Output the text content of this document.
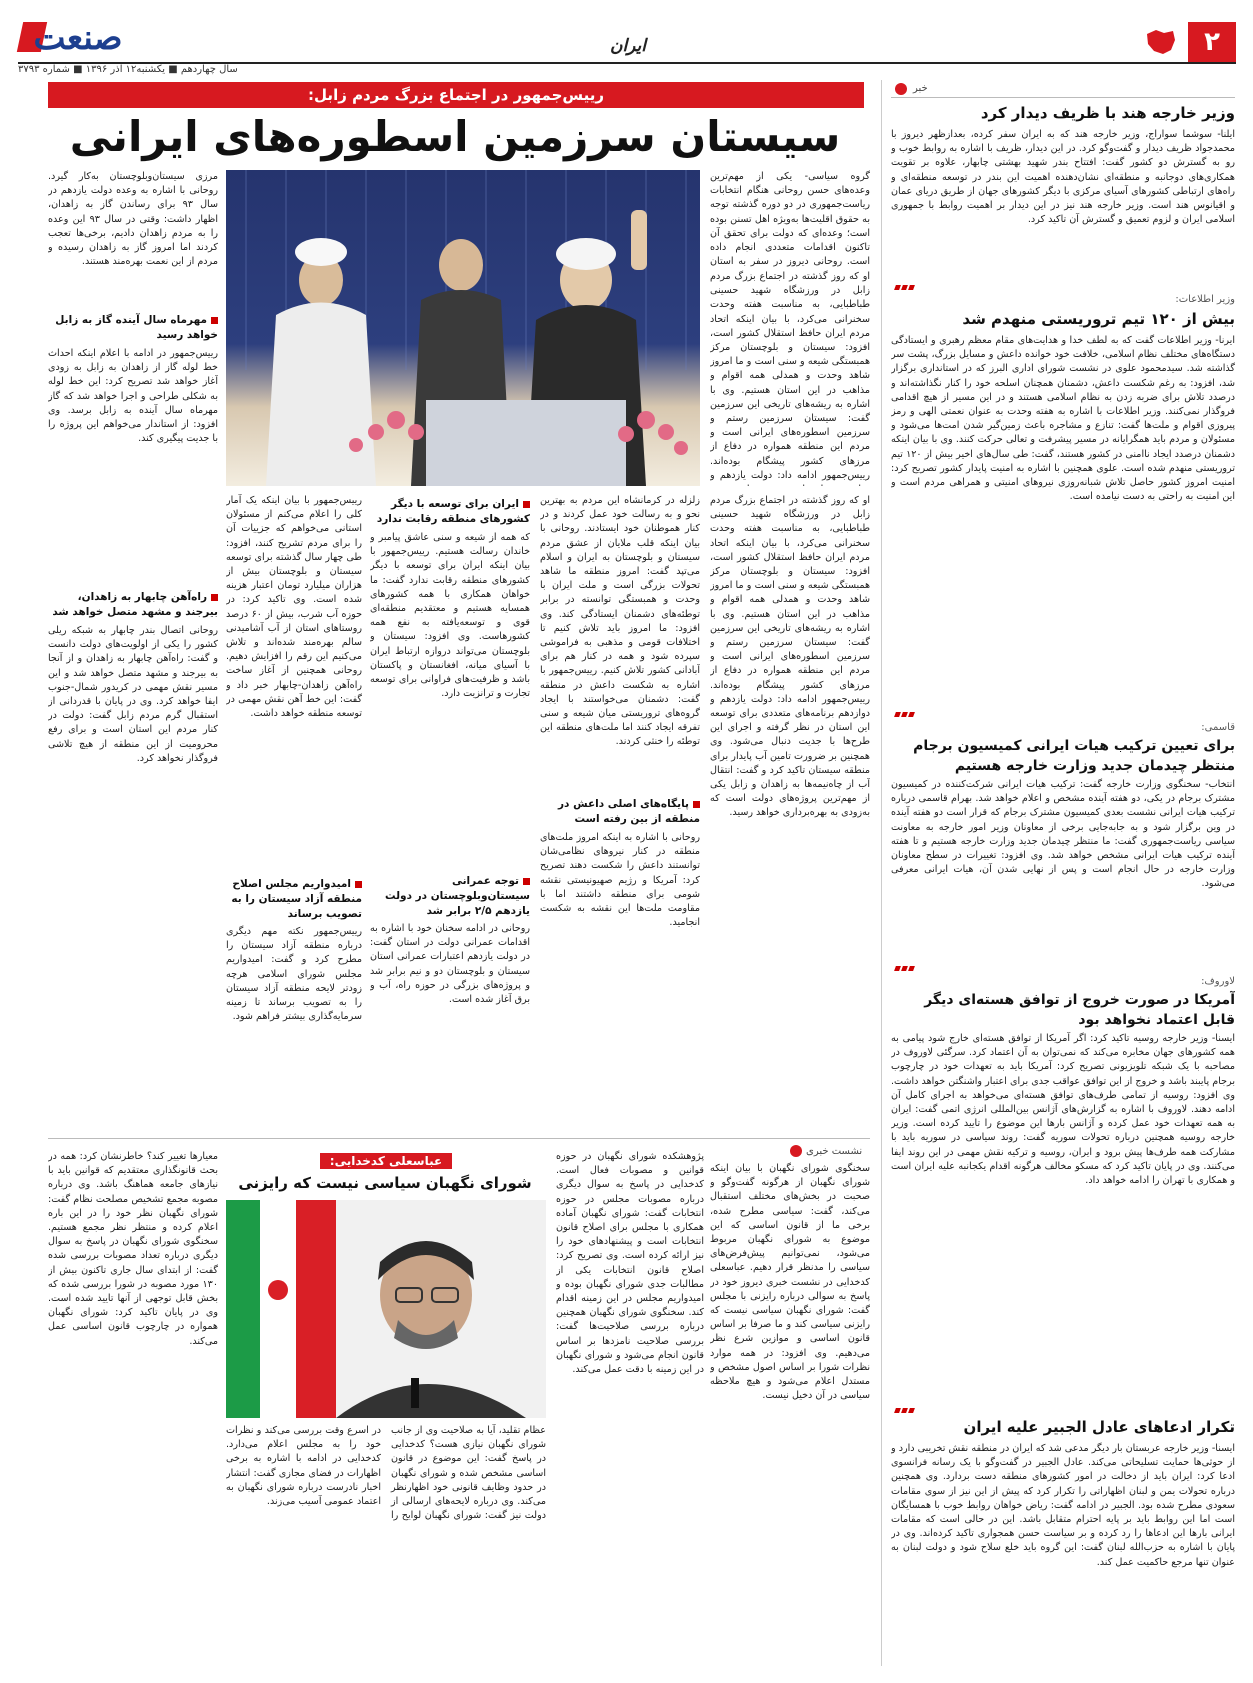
صنعت
سال چهاردهم ■ یکشنبه۱۲ آذر ۱۳۹۶ ■ شماره ۳۷۹۳
ایران	۲
خبر
وزیر خارجه هند با ظریف دیدار کرد
ایلنا- سوشما سواراج، وزیر خارجه هند که به ایران سفر کرده، بعدازظهر دیروز با محمدجواد ظریف دیدار و گفت‌وگو کرد. در این دیدار، ظریف با اشاره به روابط خوب و رو به گسترش دو کشور گفت: افتتاح بندر شهید بهشتی چابهار، علاوه بر تقویت همکاری‌های دوجانبه و منطقه‌ای نشان‌دهنده اهمیت این بندر در توسعه منطقه‌ای و راه‌های ارتباطی کشورهای آسیای مرکزی با دیگر کشورهای جهان از طریق دریای عمان و اقیانوس هند است. وزیر خارجه هند نیز در این دیدار بر اهمیت روابط با جمهوری اسلامی ایران و لزوم تعمیق و گسترش آن تاکید کرد.
وزیر اطلاعات:
بیش از ۱۲۰ تیم تروریستی منهدم شد
ایرنا- وزیر اطلاعات گفت که به لطف خدا و هدایت‌های مقام معظم رهبری و ایستادگی دستگاه‌های مختلف نظام اسلامی، خلافت خود خوانده داعش و مسایل بزرگ، پشت سر گذاشته شد. سیدمحمود علوی در نشست شورای اداری البرز که در استانداری برگزار شد، افزود: به رغم شکست داعش، دشمنان همچنان اسلحه خود را کنار نگذاشته‌اند و درصدد تلاش برای ضربه زدن به نظام اسلامی هستند و در این مسیر از هیچ اقدامی فروگذار نمی‌کنند. وزیر اطلاعات با اشاره به هفته وحدت به عنوان نعمتی الهی و رمز پیروزی اقوام و ملت‌ها گفت: تنازع و مشاجره باعث زمین‌گیر شدن امت‌ها می‌شود و مسئولان و مردم باید همگرایانه در مسیر پیشرفت و تعالی حرکت کنند. وی با بیان اینکه دشمنان درصدد ایجاد ناامنی در کشور هستند، گفت: طی سال‌های اخیر بیش از ۱۲۰ تیم تروریستی منهدم شده است. علوی همچنین با اشاره به امنیت پایدار کشور تصریح کرد: امنیت امروز کشور حاصل تلاش شبانه‌روزی نیروهای امنیتی و همراهی مردم است و این امنیت به راحتی به دست نیامده است.
قاسمی:
برای تعیین ترکیب هیات ایرانی کمیسیون برجام منتظر چیدمان جدید وزارت خارجه هستیم
انتخاب- سخنگوی وزارت خارجه گفت: ترکیب هیات ایرانی شرکت‌کننده در کمیسیون مشترک برجام در یکی، دو هفته آینده مشخص و اعلام خواهد شد. بهرام قاسمی درباره ترکیب هیات ایرانی نشست بعدی کمیسیون مشترک برجام که قرار است دو هفته آینده در وین برگزار شود و به جابه‌جایی برخی از معاونان وزیر امور خارجه به معاونت سیاسی ریاست‌جمهوری گفت: ما منتظر چیدمان جدید وزارت خارجه هستیم و تا هفته آینده ترکیب هیات ایرانی مشخص خواهد شد. وی افزود: تغییرات در سطح معاونان وزارت خارجه در حال انجام است و پس از نهایی شدن آن، هیات ایرانی معرفی می‌شود.
لاوروف:
آمریکا در صورت خروج از توافق هسته‌ای دیگر قابل اعتماد نخواهد بود
ایسنا- وزیر خارجه روسیه تاکید کرد: اگر آمریکا از توافق هسته‌ای خارج شود پیامی به همه کشورهای جهان مخابره می‌کند که نمی‌توان به آن اعتماد کرد. سرگئی لاوروف در مصاحبه با یک شبکه تلویزیونی تصریح کرد: آمریکا باید به تعهدات خود در چارچوب برجام پایبند باشد و خروج از این توافق عواقب جدی برای اعتبار واشنگتن خواهد داشت. وی افزود: روسیه از تمامی طرف‌های توافق هسته‌ای می‌خواهد به اجرای کامل آن ادامه دهند. لاوروف با اشاره به گزارش‌های آژانس بین‌المللی انرژی اتمی گفت: ایران به همه تعهدات خود عمل کرده و آژانس بارها این موضوع را تایید کرده است. وزیر خارجه روسیه همچنین درباره تحولات سوریه گفت: روند سیاسی در سوریه باید با مشارکت همه طرف‌ها پیش برود و ایران، روسیه و ترکیه نقش مهمی در این روند ایفا می‌کنند. وی در پایان تاکید کرد که مسکو مخالف هرگونه اقدام یکجانبه علیه ایران است و همکاری با تهران را ادامه خواهد داد.
تکرار ادعاهای عادل الجبیر علیه ایران
ایسنا- وزیر خارجه عربستان بار دیگر مدعی شد که ایران در منطقه نقش تخریبی دارد و از حوثی‌ها حمایت تسلیحاتی می‌کند. عادل الجبیر در گفت‌وگو با یک رسانه فرانسوی ادعا کرد: ایران باید از دخالت در امور کشورهای منطقه دست بردارد. وی همچنین درباره تحولات یمن و لبنان اظهاراتی را تکرار کرد که پیش از این نیز از سوی مقامات سعودی مطرح شده بود. الجبیر در ادامه گفت: ریاض خواهان روابط خوب با همسایگان است اما این روابط باید بر پایه احترام متقابل باشد. این در حالی است که مقامات ایرانی بارها این ادعاها را رد کرده و بر سیاست حسن همجواری تاکید کرده‌اند. وی در پایان با اشاره به حزب‌الله لبنان گفت: این گروه باید خلع سلاح شود و دولت لبنان به عنوان تنها مرجع حاکمیت عمل کند.
رییس‌جمهور در اجتماع بزرگ مردم زابل:
سیستان سرزمین اسطوره‌های ایرانی
گروه سیاسی- یکی از مهم‌ترین وعده‌های حسن روحانی هنگام انتخابات ریاست‌جمهوری در دو دوره گذشته توجه به حقوق اقلیت‌ها به‌ویژه اهل تسنن بوده است؛ وعده‌ای که دولت برای تحقق آن تاکنون اقدامات متعددی انجام داده است. روحانی دیروز در سفر به استان
او که روز گذشته در اجتماع بزرگ مردم زابل در ورزشگاه شهید حسینی طباطبایی، به مناسبت هفته وحدت سخنرانی می‌کرد، با بیان اینکه اتحاد مردم ایران حافظ استقلال کشور است، افزود: سیستان و بلوچستان مرکز همبستگی شیعه و سنی است و ما امروز شاهد وحدت و همدلی همه اقوام و مذاهب در این استان هستیم. وی با اشاره به ریشه‌های تاریخی این سرزمین گفت: سیستان سرزمین رستم و سرزمین اسطوره‌های ایرانی است و مردم این منطقه همواره در دفاع از مرزهای کشور پیشگام بوده‌اند. رییس‌جمهور ادامه داد: دولت یازدهم و
مرزی سیستان‌وبلوچستان به‌کار گیرد. روحانی با اشاره به وعده دولت یازدهم در سال ۹۳ برای رساندن گاز به زاهدان، اظهار داشت: وقتی در سال ۹۳ این وعده را به مردم زاهدان دادیم، برخی‌ها تعجب کردند اما امروز گاز به زاهدان رسیده و مردم از این نعمت بهره‌مند هستند.
مهرماه سال آینده گاز به زابل خواهد رسید
رییس‌جمهور در ادامه با اعلام اینکه احداث خط لوله گاز از زاهدان به زابل به زودی آغاز خواهد شد تصریح کرد: این خط لوله به شکلی طراحی و اجرا خواهد شد که گاز مهرماه سال آینده به زابل برسد. وی افزود: از استاندار می‌خواهم این پروژه را با جدیت پیگیری کند.
راه‌آهن چابهار به زاهدان، بیرجند و مشهد متصل خواهد شد
روحانی اتصال بندر چابهار به شبکه ریلی کشور را یکی از اولویت‌های دولت دانست و گفت: راه‌آهن چابهار به زاهدان و از آنجا به بیرجند و مشهد متصل خواهد شد و این مسیر نقش مهمی در کریدور شمال-جنوب ایفا خواهد کرد. وی در پایان با قدردانی از استقبال گرم مردم زابل گفت: دولت در کنار مردم این استان است و برای رفع محرومیت از این منطقه از هیچ تلاشی فروگذار نخواهد کرد.
او که روز گذشته در اجتماع بزرگ مردم زابل در ورزشگاه شهید حسینی طباطبایی، به مناسبت هفته وحدت سخنرانی می‌کرد، با بیان اینکه اتحاد مردم ایران حافظ استقلال کشور است، افزود: سیستان و بلوچستان مرکز همبستگی شیعه و سنی است و ما امروز شاهد وحدت و همدلی همه اقوام و مذاهب در این استان هستیم. وی با اشاره به ریشه‌های تاریخی این سرزمین گفت: سیستان سرزمین رستم و سرزمین اسطوره‌های ایرانی است و مردم این منطقه همواره در دفاع از مرزهای کشور پیشگام بوده‌اند. رییس‌جمهور ادامه داد: دولت یازدهم و دوازدهم برنامه‌های متعددی برای توسعه این استان در نظر گرفته و اجرای این طرح‌ها با جدیت دنبال می‌شود. وی همچنین بر ضرورت تامین آب پایدار برای منطقه سیستان تاکید کرد و گفت: انتقال آب از چاه‌نیمه‌ها به زاهدان و زابل یکی از مهم‌ترین پروژه‌های دولت است که به‌زودی به بهره‌برداری خواهد رسید.
زلزله در کرمانشاه این مردم به بهترین نحو و به رسالت خود عمل کردند و در کنار هموطنان خود ایستادند. روحانی با بیان اینکه قلب ملایان از عشق مردم سیستان و بلوچستان به ایران و اسلام می‌تپد گفت: امروز منطقه ما شاهد تحولات بزرگی است و ملت ایران با وحدت و همبستگی توانسته در برابر توطئه‌های دشمنان ایستادگی کند. وی افزود: ما امروز باید تلاش کنیم تا اختلافات قومی و مذهبی به فراموشی سپرده شود و همه در کنار هم برای آبادانی کشور تلاش کنیم. رییس‌جمهور با اشاره به شکست داعش در منطقه گفت: دشمنان می‌خواستند با ایجاد گروه‌های تروریستی میان شیعه و سنی تفرقه ایجاد کنند اما ملت‌های منطقه این توطئه را خنثی کردند.
پایگاه‌های اصلی داعش در منطقه از بین رفته است
روحانی با اشاره به اینکه امروز ملت‌های منطقه در کنار نیروهای نظامی‌شان توانستند داعش را شکست دهند تصریح کرد: آمریکا و رژیم صهیونیستی نقشه شومی برای منطقه داشتند اما با مقاومت ملت‌ها این نقشه به شکست انجامید.
ایران برای توسعه با دیگر کشورهای منطقه رقابت ندارد
که همه از شیعه و سنی عاشق پیامبر و خاندان رسالت هستیم. رییس‌جمهور با بیان اینکه ایران برای توسعه با دیگر کشورهای منطقه رقابت ندارد گفت: ما خواهان همکاری با همه کشورهای همسایه هستیم و معتقدیم منطقه‌ای قوی و توسعه‌یافته به نفع همه کشورهاست. وی افزود: سیستان و بلوچستان می‌تواند دروازه ارتباط ایران با آسیای میانه، افغانستان و پاکستان باشد و ظرفیت‌های فراوانی برای توسعه تجارت و ترانزیت دارد.
توجه عمرانی سیستان‌وبلوچستان در دولت یازدهم ۲/۵ برابر شد
روحانی در ادامه سخنان خود با اشاره به اقدامات عمرانی دولت در استان گفت: در دولت یازدهم اعتبارات عمرانی استان سیستان و بلوچستان دو و نیم برابر شد و پروژه‌های بزرگی در حوزه راه، آب و برق آغاز شده است.
رییس‌جمهور با بیان اینکه یک آمار کلی را اعلام می‌کنم از مسئولان استانی می‌خواهم که جزییات آن را برای مردم تشریح کنند، افزود: طی چهار سال گذشته برای توسعه سیستان و بلوچستان بیش از هزاران میلیارد تومان اعتبار هزینه شده است. وی تاکید کرد: در حوزه آب شرب، بیش از ۶۰ درصد روستاهای استان از آب آشامیدنی سالم بهره‌مند شده‌اند و تلاش می‌کنیم این رقم را افزایش دهیم. روحانی همچنین از آغاز ساخت راه‌آهن زاهدان-چابهار خبر داد و گفت: این خط آهن نقش مهمی در توسعه منطقه خواهد داشت.
امیدواریم مجلس اصلاح منطقه آزاد سیستان را به تصویب برساند
رییس‌جمهور نکته مهم دیگری درباره منطقه آزاد سیستان را مطرح کرد و گفت: امیدواریم مجلس شورای اسلامی هرچه زودتر لایحه منطقه آزاد سیستان را به تصویب برساند تا زمینه سرمایه‌گذاری بیشتر فراهم شود.
نشست خبری
عباسعلی کدخدایی:
شورای نگهبان سیاسی نیست که رایزنی
سخنگوی شورای نگهبان با بیان اینکه شورای نگهبان از هرگونه گفت‌وگو و صحبت در بخش‌های مختلف استقبال می‌کند، گفت: سیاسی مطرح شده، برخی ما از قانون اساسی که این موضوع به شورای نگهبان مربوط می‌شود، نمی‌توانیم پیش‌فرض‌های سیاسی را مدنظر قرار دهیم. عباسعلی کدخدایی در نشست خبری دیروز خود در پاسخ به سوالی درباره رایزنی با مجلس گفت: شورای نگهبان سیاسی نیست که رایزنی سیاسی کند و ما صرفا بر اساس قانون اساسی و موازین شرع نظر می‌دهیم. وی افزود: در همه موارد نظرات شورا بر اساس اصول مشخص و مستدل اعلام می‌شود و هیچ ملاحظه سیاسی در آن دخیل نیست.
پژوهشکده شورای نگهبان در حوزه قوانین و مصوبات فعال است. کدخدایی در پاسخ به سوال دیگری درباره مصوبات مجلس در حوزه انتخابات گفت: شورای نگهبان آماده همکاری با مجلس برای اصلاح قانون انتخابات است و پیشنهادهای خود را نیز ارائه کرده است. وی تصریح کرد: اصلاح قانون انتخابات یکی از مطالبات جدی شورای نگهبان بوده و امیدواریم مجلس در این زمینه اقدام کند. سخنگوی شورای نگهبان همچنین درباره بررسی صلاحیت‌ها گفت: بررسی صلاحیت نامزدها بر اساس قانون انجام می‌شود و شورای نگهبان در این زمینه با دقت عمل می‌کند.
عظام تقلید، آیا به صلاحیت وی از جانب شورای نگهبان نیازی هست؟ کدخدایی در پاسخ گفت: این موضوع در قانون اساسی مشخص شده و شورای نگهبان در حدود وظایف قانونی خود اظهارنظر می‌کند. وی درباره لایحه‌های ارسالی از دولت نیز گفت: شورای نگهبان لوایح را در اسرع وقت بررسی می‌کند و نظرات خود را به مجلس اعلام می‌دارد. کدخدایی در ادامه با اشاره به برخی اظهارات در فضای مجازی گفت: انتشار اخبار نادرست درباره شورای نگهبان به اعتماد عمومی آسیب می‌زند.
معیارها تغییر کند؟ خاطرنشان کرد: همه در بحث قانونگذاری معتقدیم که قوانین باید با نیازهای جامعه هماهنگ باشد. وی درباره مصوبه مجمع تشخیص مصلحت نظام گفت: شورای نگهبان نظر خود را در این باره اعلام کرده و منتظر نظر مجمع هستیم. سخنگوی شورای نگهبان در پاسخ به سوال دیگری درباره تعداد مصوبات بررسی شده گفت: از ابتدای سال جاری تاکنون بیش از ۱۳۰ مورد مصوبه در شورا بررسی شده که بخش قابل توجهی از آنها تایید شده است. وی در پایان تاکید کرد: شورای نگهبان همواره در چارچوب قانون اساسی عمل می‌کند.
